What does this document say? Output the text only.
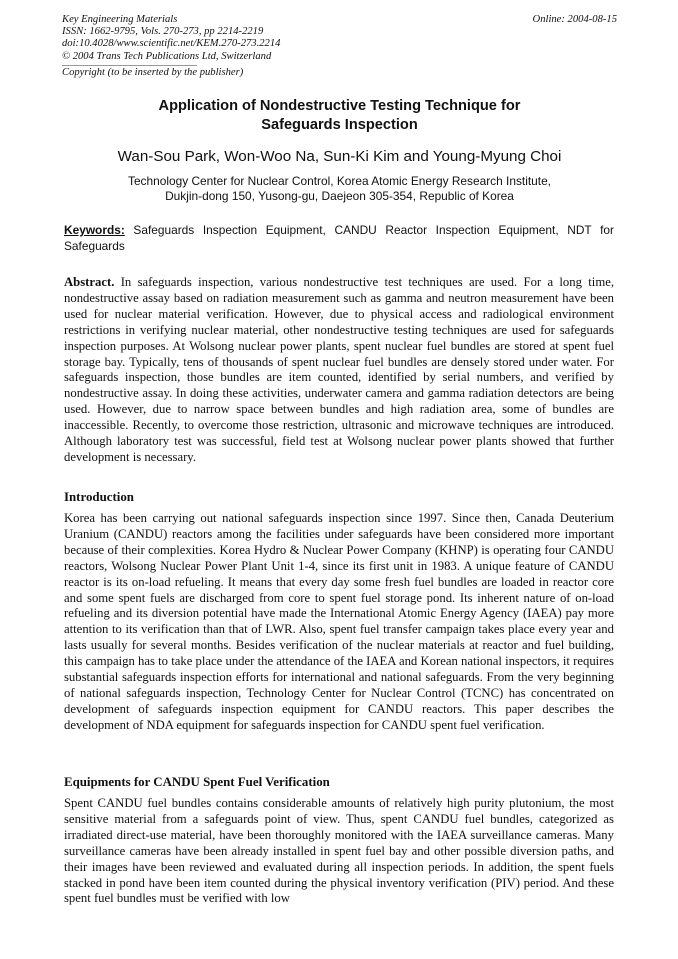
Key Engineering Materials
ISSN: 1662-9795, Vols. 270-273, pp 2214-2219
doi:10.4028/www.scientific.net/KEM.270-273.2214
© 2004 Trans Tech Publications Ltd, Switzerland
Copyright (to be inserted by the publisher)
Online: 2004-08-15
Application of Nondestructive Testing Technique for
Safeguards Inspection
Wan-Sou Park, Won-Woo Na, Sun-Ki Kim and Young-Myung Choi
Technology Center for Nuclear Control, Korea Atomic Energy Research Institute,
Dukjin-dong 150, Yusong-gu, Daejeon 305-354, Republic of Korea
Keywords: Safeguards Inspection Equipment, CANDU Reactor Inspection Equipment, NDT for Safeguards

Abstract. In safeguards inspection, various nondestructive test techniques are used. For a long time, nondestructive assay based on radiation measurement such as gamma and neutron measurement have been used for nuclear material verification. However, due to physical access and radiological environment restrictions in verifying nuclear material, other nondestructive testing techniques are used for safeguards inspection purposes. At Wolsong nuclear power plants, spent nuclear fuel bundles are stored at spent fuel storage bay. Typically, tens of thousands of spent nuclear fuel bundles are densely stored under water. For safeguards inspection, those bundles are item counted, identified by serial numbers, and verified by nondestructive assay. In doing these activities, underwater camera and gamma radiation detectors are being used. However, due to narrow space between bundles and high radiation area, some of bundles are inaccessible. Recently, to overcome those restriction, ultrasonic and microwave techniques are introduced. Although laboratory test was successful, field test at Wolsong nuclear power plants showed that further development is necessary.

Introduction

Korea has been carrying out national safeguards inspection since 1997. Since then, Canada Deuterium Uranium (CANDU) reactors among the facilities under safeguards have been considered more important because of their complexities. Korea Hydro & Nuclear Power Company (KHNP) is operating four CANDU reactors, Wolsong Nuclear Power Plant Unit 1-4, since its first unit in 1983. A unique feature of CANDU reactor is its on-load refueling. It means that every day some fresh fuel bundles are loaded in reactor core and some spent fuels are discharged from core to spent fuel storage pond. Its inherent nature of on-load refueling and its diversion potential have made the International Atomic Energy Agency (IAEA) pay more attention to its verification than that of LWR. Also, spent fuel transfer campaign takes place every year and lasts usually for several months. Besides verification of the nuclear materials at reactor and fuel building, this campaign has to take place under the attendance of the IAEA and Korean national inspectors, it requires substantial safeguards inspection efforts for international and national safeguards. From the very beginning of national safeguards inspection, Technology Center for Nuclear Control (TCNC) has concentrated on development of safeguards inspection equipment for CANDU reactors. This paper describes the development of NDA equipment for safeguards inspection for CANDU spent fuel verification.

Equipments for CANDU Spent Fuel Verification

Spent CANDU fuel bundles contains considerable amounts of relatively high purity plutonium, the most sensitive material from a safeguards point of view. Thus, spent CANDU fuel bundles, categorized as irradiated direct-use material, have been thoroughly monitored with the IAEA surveillance cameras. Many surveillance cameras have been already installed in spent fuel bay and other possible diversion paths, and their images have been reviewed and evaluated during all inspection periods. In addition, the spent fuels stacked in pond have been item counted during the physical inventory verification (PIV) period. And these spent fuel bundles must be verified with low
